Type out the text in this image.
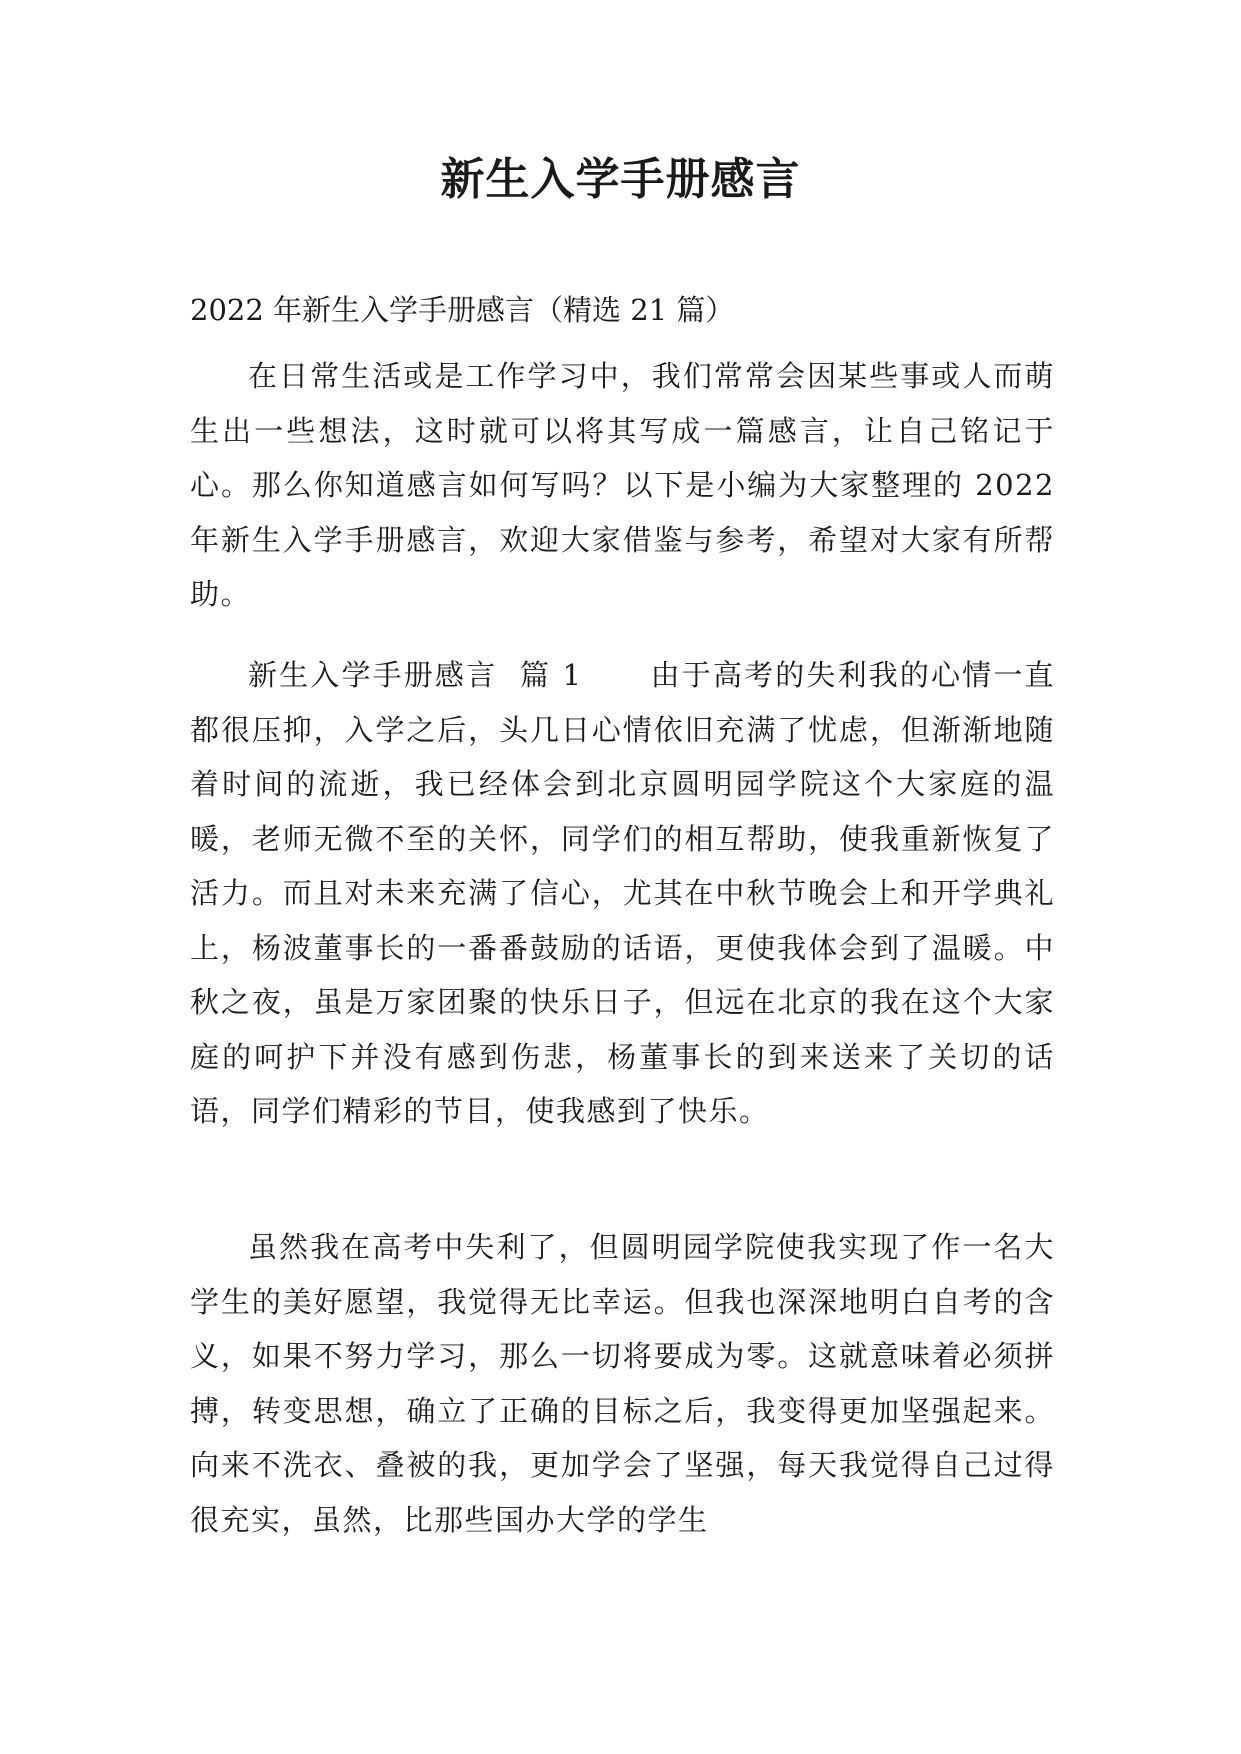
新生入学手册感言

2022 年新生入学手册感言（精选 21 篇）

在日常生活或是工作学习中，我们常常会因某些事或人而萌生出一些想法，这时就可以将其写成一篇感言，让自己铭记于心。那么你知道感言如何写吗？以下是小编为大家整理的 2022 年新生入学手册感言，欢迎大家借鉴与参考，希望对大家有所帮助。

新生入学手册感言  篇 1      由于高考的失利我的心情一直都很压抑，入学之后，头几日心情依旧充满了忧虑，但渐渐地随着时间的流逝，我已经体会到北京圆明园学院这个大家庭的温暖，老师无微不至的关怀，同学们的相互帮助，使我重新恢复了活力。而且对未来充满了信心，尤其在中秋节晚会上和开学典礼上，杨波董事长的一番番鼓励的话语，更使我体会到了温暖。中秋之夜，虽是万家团聚的快乐日子，但远在北京的我在这个大家庭的呵护下并没有感到伤悲，杨董事长的到来送来了关切的话语，同学们精彩的节目，使我感到了快乐。

虽然我在高考中失利了，但圆明园学院使我实现了作一名大学生的美好愿望，我觉得无比幸运。但我也深深地明白自考的含义，如果不努力学习，那么一切将要成为零。这就意味着必须拼搏，转变思想，确立了正确的目标之后，我变得更加坚强起来。向来不洗衣、叠被的我，更加学会了坚强，每天我觉得自己过得很充实，虽然，比那些国办大学的学生
